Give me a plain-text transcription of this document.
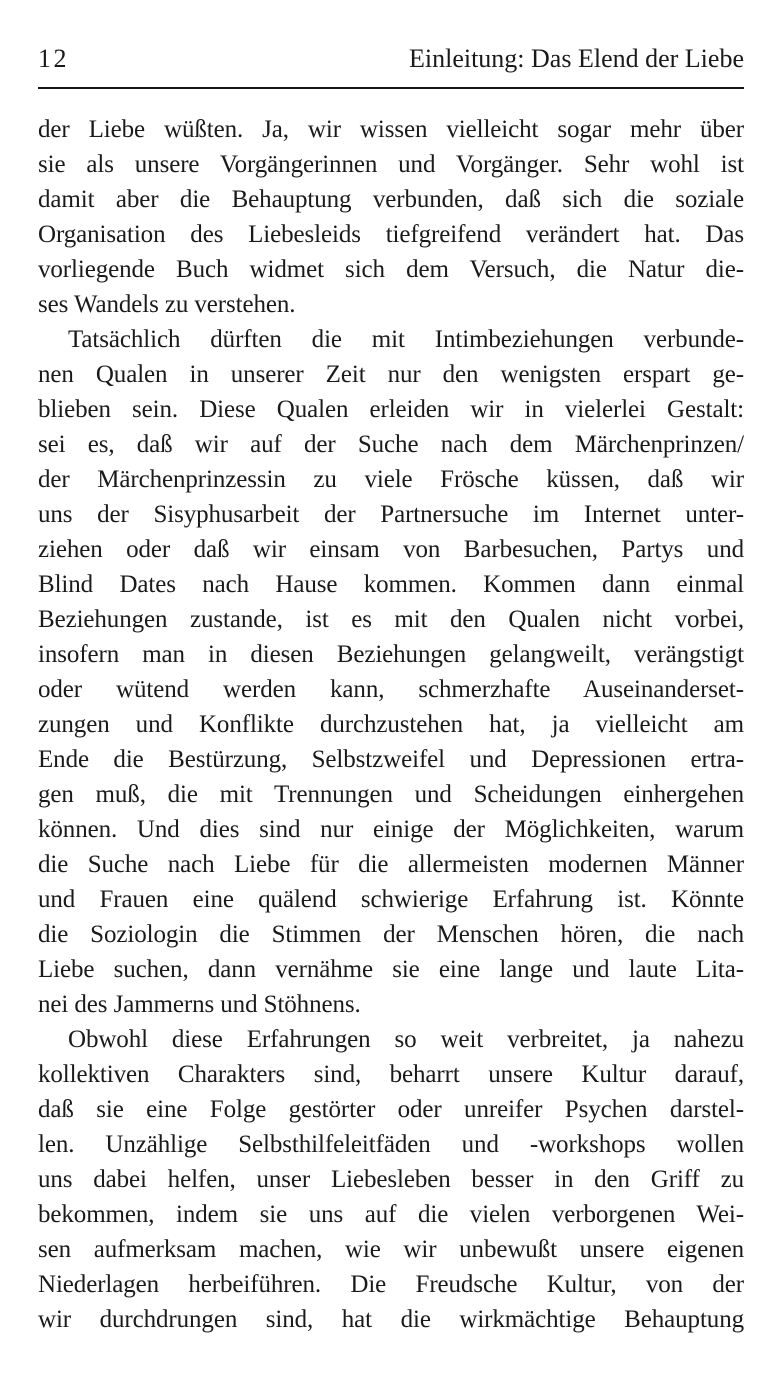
12	Einleitung: Das Elend der Liebe
der Liebe wüßten. Ja, wir wissen vielleicht sogar mehr über
sie als unsere Vorgängerinnen und Vorgänger. Sehr wohl ist
damit aber die Behauptung verbunden, daß sich die soziale
Organisation des Liebesleids tiefgreifend verändert hat. Das
vorliegende Buch widmet sich dem Versuch, die Natur die-
ses Wandels zu verstehen.
Tatsächlich dürften die mit Intimbeziehungen verbunde-
nen Qualen in unserer Zeit nur den wenigsten erspart ge-
blieben sein. Diese Qualen erleiden wir in vielerlei Gestalt:
sei es, daß wir auf der Suche nach dem Märchenprinzen/
der Märchenprinzessin zu viele Frösche küssen, daß wir
uns der Sisyphusarbeit der Partnersuche im Internet unter-
ziehen oder daß wir einsam von Barbesuchen, Partys und
Blind Dates nach Hause kommen. Kommen dann einmal
Beziehungen zustande, ist es mit den Qualen nicht vorbei,
insofern man in diesen Beziehungen gelangweilt, verängstigt
oder wütend werden kann, schmerzhafte Auseinanderset-
zungen und Konflikte durchzustehen hat, ja vielleicht am
Ende die Bestürzung, Selbstzweifel und Depressionen ertra-
gen muß, die mit Trennungen und Scheidungen einhergehen
können. Und dies sind nur einige der Möglichkeiten, warum
die Suche nach Liebe für die allermeisten modernen Männer
und Frauen eine quälend schwierige Erfahrung ist. Könnte
die Soziologin die Stimmen der Menschen hören, die nach
Liebe suchen, dann vernähme sie eine lange und laute Lita-
nei des Jammerns und Stöhnens.
Obwohl diese Erfahrungen so weit verbreitet, ja nahezu
kollektiven Charakters sind, beharrt unsere Kultur darauf,
daß sie eine Folge gestörter oder unreifer Psychen darstel-
len. Unzählige Selbsthilfeleitfäden und -workshops wollen
uns dabei helfen, unser Liebesleben besser in den Griff zu
bekommen, indem sie uns auf die vielen verborgenen Wei-
sen aufmerksam machen, wie wir unbewußt unsere eigenen
Niederlagen herbeiführen. Die Freudsche Kultur, von der
wir durchdrungen sind, hat die wirkmächtige Behauptung
